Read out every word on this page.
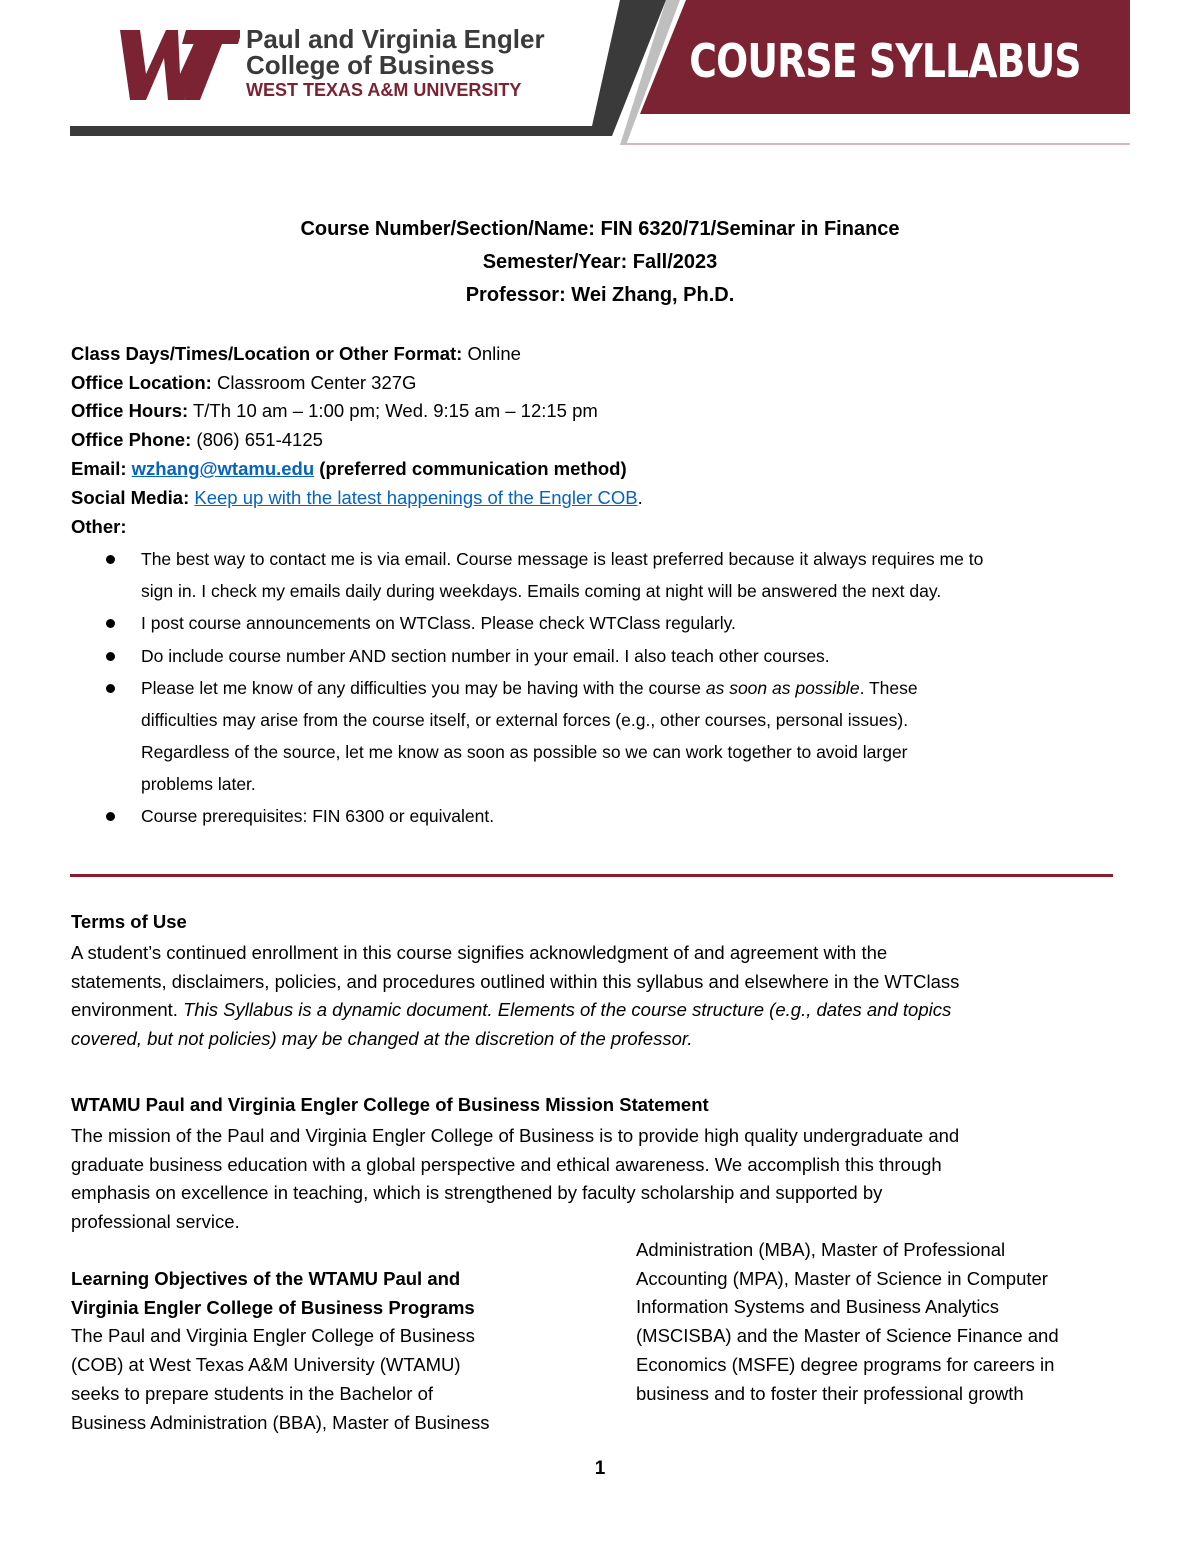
Paul and Virginia Engler
College of Business
WEST TEXAS A&M UNIVERSITY
COURSE SYLLABUS
Course Number/Section/Name: FIN 6320/71/Seminar in Finance
Semester/Year: Fall/2023
Professor: Wei Zhang, Ph.D.
Class Days/Times/Location or Other Format: Online
Office Location: Classroom Center 327G
Office Hours: T/Th 10 am – 1:00 pm; Wed. 9:15 am – 12:15 pm
Office Phone: (806) 651-4125
Email: wzhang@wtamu.edu (preferred communication method)
Social Media: Keep up with the latest happenings of the Engler COB.
Other:
The best way to contact me is via email. Course message is least preferred because it always requires me to
sign in. I check my emails daily during weekdays. Emails coming at night will be answered the next day.
I post course announcements on WTClass. Please check WTClass regularly.
Do include course number AND section number in your email. I also teach other courses.
Please let me know of any difficulties you may be having with the course as soon as possible. These
difficulties may arise from the course itself, or external forces (e.g., other courses, personal issues).
Regardless of the source, let me know as soon as possible so we can work together to avoid larger
problems later.
Course prerequisites: FIN 6300 or equivalent.
Terms of Use
A student’s continued enrollment in this course signifies acknowledgment of and agreement with the
statements, disclaimers, policies, and procedures outlined within this syllabus and elsewhere in the WTClass
environment. This Syllabus is a dynamic document. Elements of the course structure (e.g., dates and topics
covered, but not policies) may be changed at the discretion of the professor.
WTAMU Paul and Virginia Engler College of Business Mission Statement
The mission of the Paul and Virginia Engler College of Business is to provide high quality undergraduate and
graduate business education with a global perspective and ethical awareness. We accomplish this through
emphasis on excellence in teaching, which is strengthened by faculty scholarship and supported by
professional service.
Learning Objectives of the WTAMU Paul and
Virginia Engler College of Business Programs
The Paul and Virginia Engler College of Business
(COB) at West Texas A&M University (WTAMU)
seeks to prepare students in the Bachelor of
Business Administration (BBA), Master of Business
Administration (MBA), Master of Professional
Accounting (MPA), Master of Science in Computer
Information Systems and Business Analytics
(MSCISBA) and the Master of Science Finance and
Economics (MSFE) degree programs for careers in
business and to foster their professional growth
1
